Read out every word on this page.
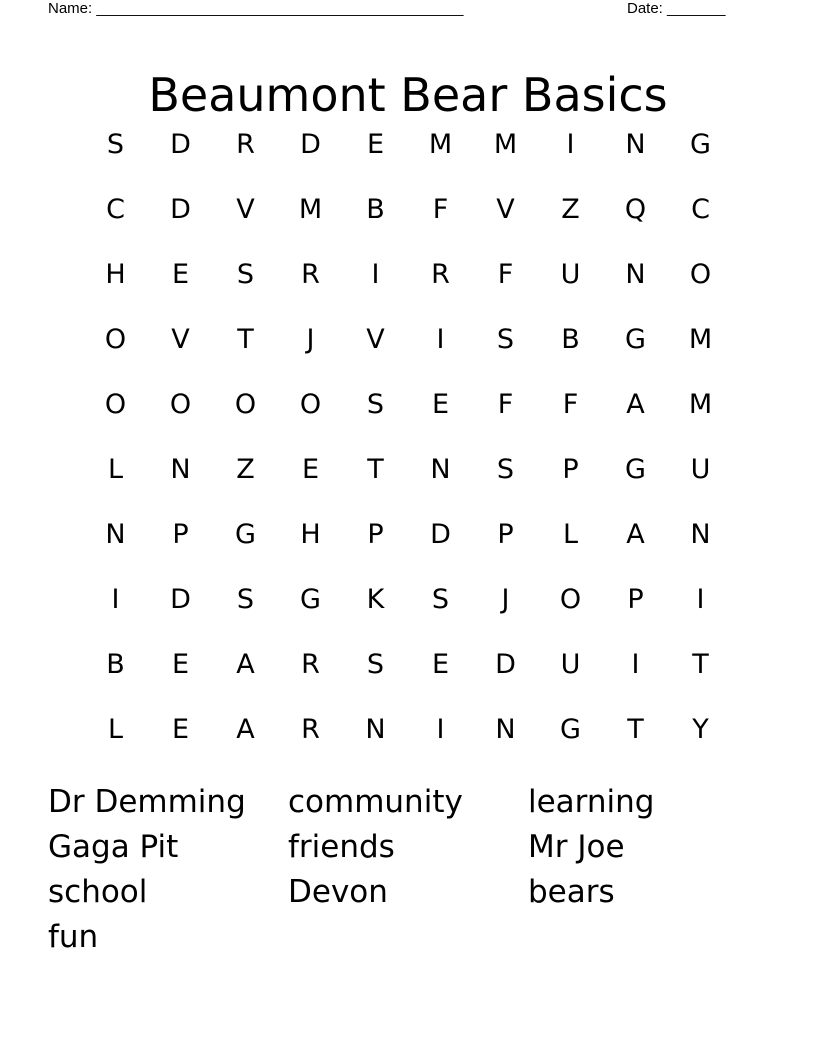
Name: ____________________________________________	Date: _______
Beaumont Bear Basics
S	D	R	D	E	M	M	I	N	G
C	D	V	M	B	F	V	Z	Q	C
H	E	S	R	I	R	F	U	N	O
O	V	T	J	V	I	S	B	G	M
O	O	O	O	S	E	F	F	A	M
L	N	Z	E	T	N	S	P	G	U
N	P	G	H	P	D	P	L	A	N
I	D	S	G	K	S	J	O	P	I
B	E	A	R	S	E	D	U	I	T
L	E	A	R	N	I	N	G	T	Y
Dr Demming	community	learning
Gaga Pit	friends	Mr Joe
school	Devon	bears
fun
